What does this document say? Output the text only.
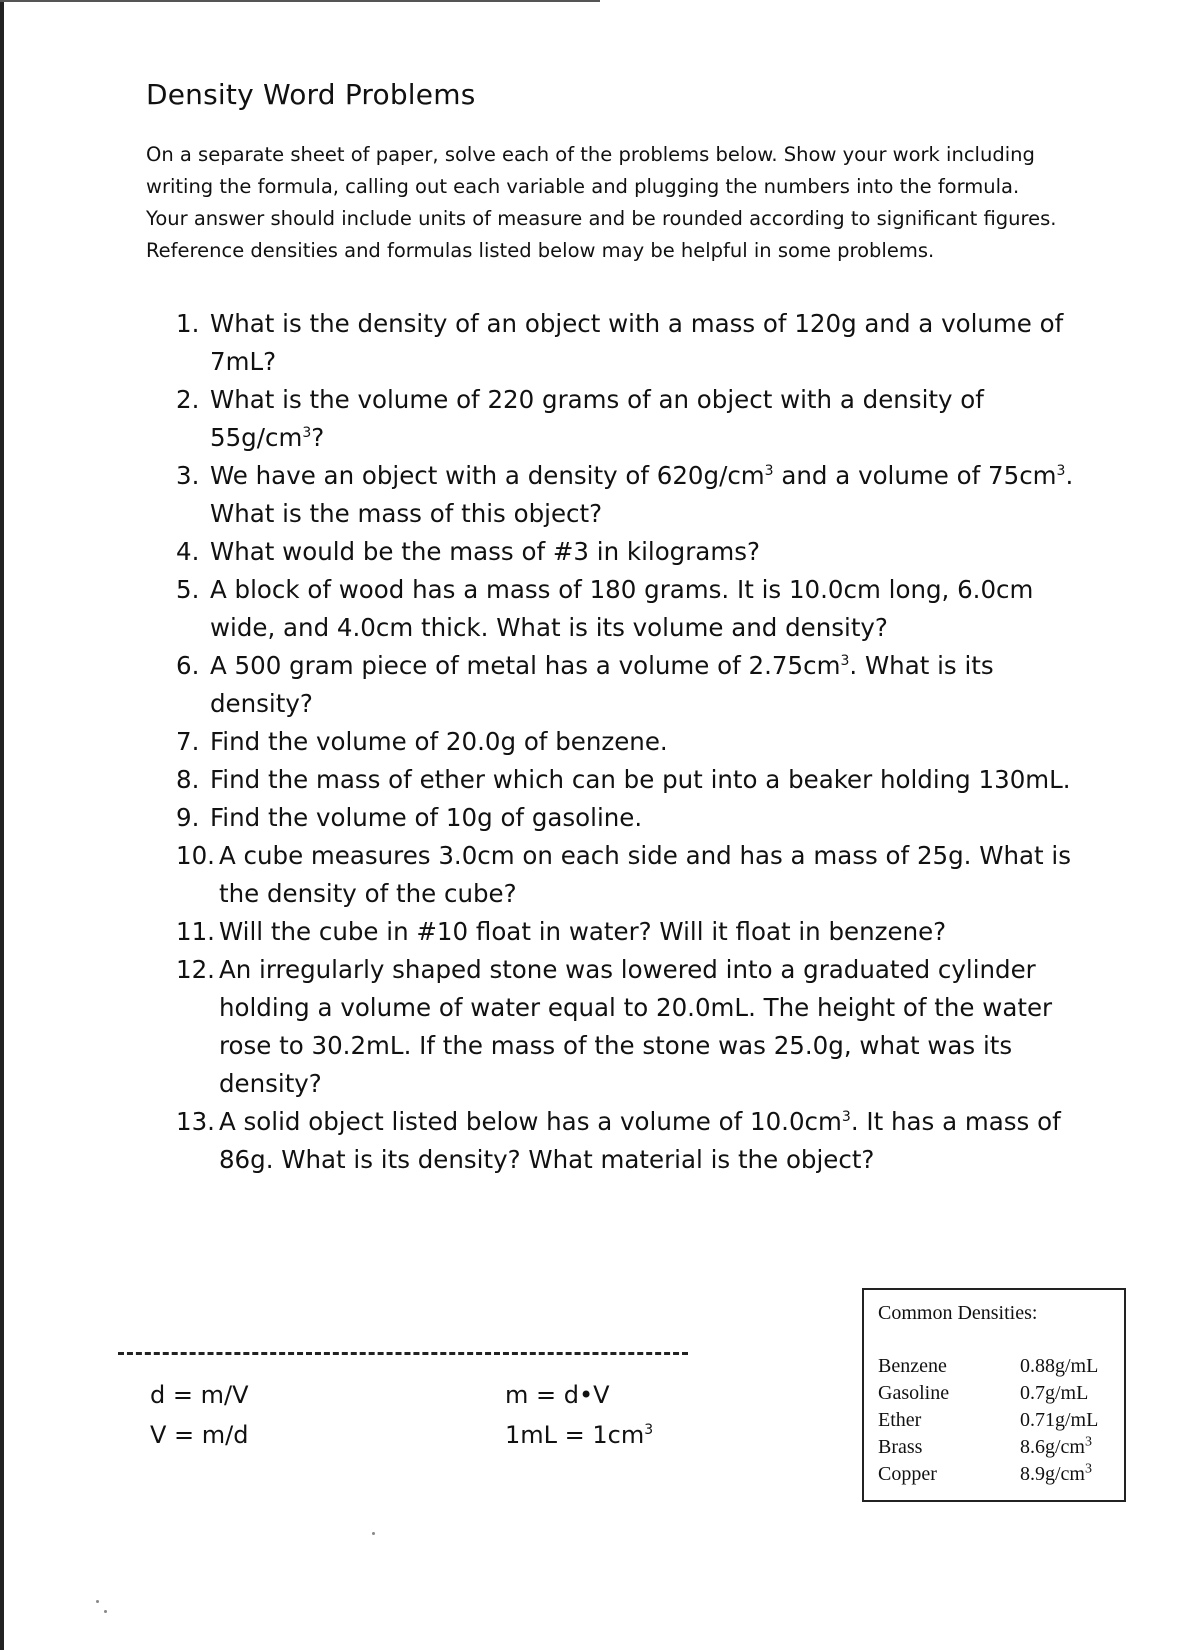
Density Word Problems

On a separate sheet of paper, solve each of the problems below. Show your work including writing the formula, calling out each variable and plugging the numbers into the formula. Your answer should include units of measure and be rounded according to significant figures. Reference densities and formulas listed below may be helpful in some problems.

1. What is the density of an object with a mass of 120g and a volume of 7mL?
2. What is the volume of 220 grams of an object with a density of $55g/cm^3$?
3. We have an object with a density of $620g/cm^3$ and a volume of $75cm^3$. What is the mass of this object?
4. What would be the mass of #3 in kilograms?
5. A block of wood has a mass of 180 grams. It is 10.0cm long, 6.0cm wide, and 4.0cm thick. What is its volume and density?
6. A 500 gram piece of metal has a volume of $2.75cm^3$. What is its density?
7. Find the volume of 20.0g of benzene.
8. Find the mass of ether which can be put into a beaker holding 130mL.
9. Find the volume of 10g of gasoline.
10. A cube measures 3.0cm on each side and has a mass of 25g. What is the density of the cube?
11. Will the cube in #10 float in water? Will it float in benzene?
12. An irregularly shaped stone was lowered into a graduated cylinder holding a volume of water equal to 20.0mL. The height of the water rose to 30.2mL. If the mass of the stone was 25.0g, what was its density?
13. A solid object listed below has a volume of $10.0cm^3$. It has a mass of 86g. What is its density? What material is the object?
d = m/V
V = m/d
m = d•V
$1mL = 1cm^3$
Common Densities:
Benzene	0.88g/mL
Gasoline	0.7g/mL
Ether	0.71g/mL
Brass	$8.6g/cm^3$
Copper	$8.9g/cm^3$
